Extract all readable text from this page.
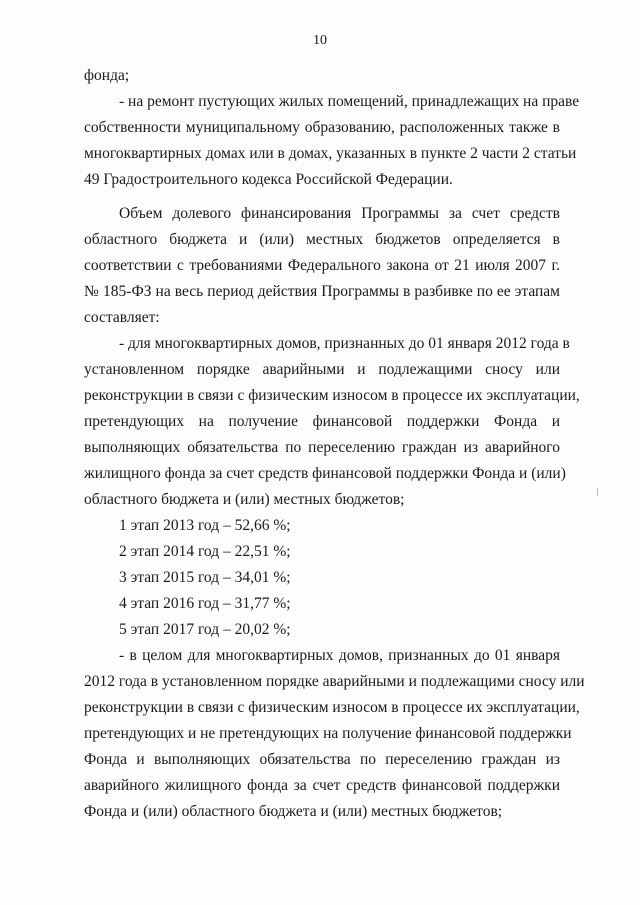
10
фонда;
- на ремонт пустующих жилых помещений, принадлежащих на праве
собственности муниципальному образованию, расположенных также в
многоквартирных домах или в домах, указанных в пункте 2 части 2 статьи
49 Градостроительного кодекса Российской Федерации.
Объем долевого финансирования Программы за счет средств
областного бюджета и (или) местных бюджетов определяется в
соответствии с требованиями Федерального закона от 21 июля 2007 г.
№ 185-ФЗ на весь период действия Программы в разбивке по ее этапам
составляет:
- для многоквартирных домов, признанных до 01 января 2012 года в
установленном порядке аварийными и подлежащими сносу или
реконструкции в связи с физическим износом в процессе их эксплуатации,
претендующих на получение финансовой поддержки Фонда и
выполняющих обязательства по переселению граждан из аварийного
жилищного фонда за счет средств финансовой поддержки Фонда и (или)
областного бюджета и (или) местных бюджетов;
1 этап 2013 год – 52,66 %;
2 этап 2014 год – 22,51 %;
3 этап 2015 год – 34,01 %;
4 этап 2016 год – 31,77 %;
5 этап 2017 год – 20,02 %;
- в целом для многоквартирных домов, признанных до 01 января
2012 года в установленном порядке аварийными и подлежащими сносу или
реконструкции в связи с физическим износом в процессе их эксплуатации,
претендующих и не претендующих на получение финансовой поддержки
Фонда и выполняющих обязательства по переселению граждан из
аварийного жилищного фонда за счет средств финансовой поддержки
Фонда и (или) областного бюджета и (или) местных бюджетов;
